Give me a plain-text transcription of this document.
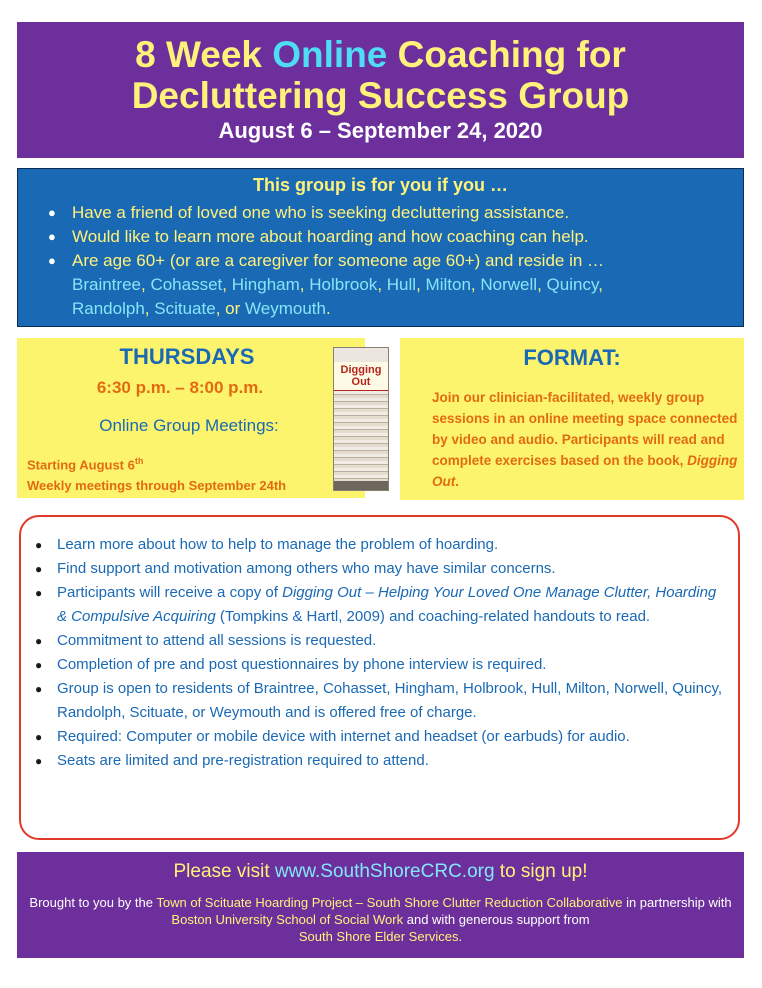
8 Week Online Coaching for
Decluttering Success Group
August 6 – September 24, 2020
This group is for you if you …
● Have a friend of loved one who is seeking decluttering assistance.
● Would like to learn more about hoarding and how coaching can help.
● Are age 60+ (or are a caregiver for someone age 60+) and reside in …
Braintree, Cohasset, Hingham, Holbrook, Hull, Milton, Norwell, Quincy,
Randolph, Scituate, or Weymouth.
THURSDAYS
6:30 p.m. – 8:00 p.m.
Online Group Meetings:
Starting August 6th
Weekly meetings through September 24th
Digging Out
FORMAT:
Join our clinician-facilitated, weekly group sessions in an online meeting space connected by video and audio. Participants will read and complete exercises based on the book, Digging Out.
● Learn more about how to help to manage the problem of hoarding.
● Find support and motivation among others who may have similar concerns.
● Participants will receive a copy of Digging Out – Helping Your Loved One Manage Clutter, Hoarding & Compulsive Acquiring (Tompkins & Hartl, 2009) and coaching-related handouts to read.
● Commitment to attend all sessions is requested.
● Completion of pre and post questionnaires by phone interview is required.
● Group is open to residents of Braintree, Cohasset, Hingham, Holbrook, Hull, Milton, Norwell, Quincy, Randolph, Scituate, or Weymouth and is offered free of charge.
● Required: Computer or mobile device with internet and headset (or earbuds) for audio.
● Seats are limited and pre-registration required to attend.
Please visit www.SouthShoreCRC.org to sign up!
Brought to you by the Town of Scituate Hoarding Project – South Shore Clutter Reduction Collaborative in partnership with Boston University School of Social Work and with generous support from
South Shore Elder Services.
